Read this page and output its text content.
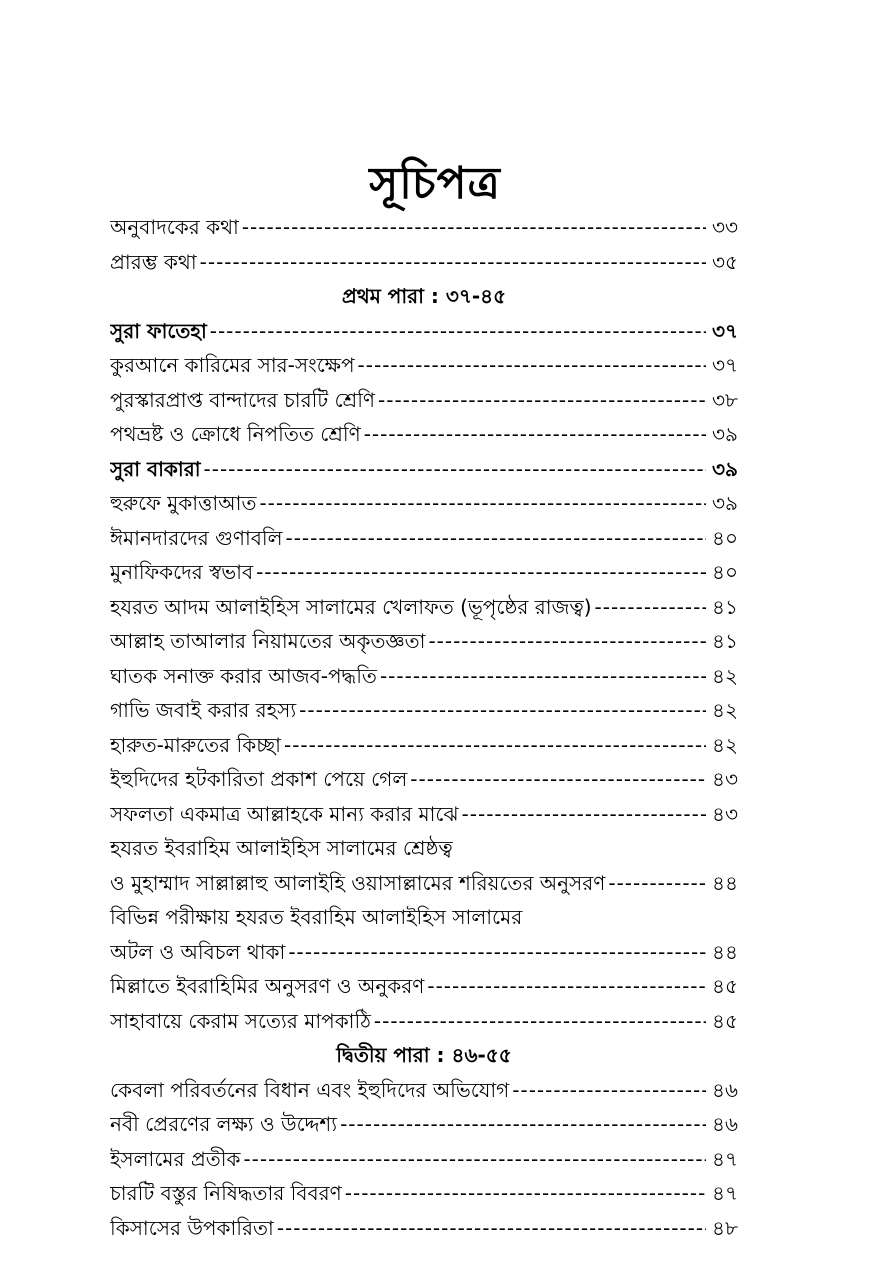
সূচিপত্র
অনুবাদকের কথা -----	৩৩
প্রারম্ভ কথা -----	৩৫
প্রথম পারা : ৩৭-৪৫
সুরা ফাতেহা -----	৩৭
কুরআনে কারিমের সার-সংক্ষেপ -----	৩৭
পুরস্কারপ্রাপ্ত বান্দাদের চারটি শ্রেণি -----	৩৮
পথভ্রষ্ট ও ক্রোধে নিপতিত শ্রেণি -----	৩৯
সুরা বাকারা -----	৩৯
হুরুফে মুকাত্তাআত -----	৩৯
ঈমানদারদের গুণাবলি -----	৪০
মুনাফিকদের স্বভাব -----	৪০
হযরত আদম আলাইহিস সালামের খেলাফত (ভূপৃষ্ঠের রাজত্ব) -----	৪১
আল্লাহ তাআলার নিয়ামতের অকৃতজ্ঞতা -----	৪১
ঘাতক সনাক্ত করার আজব-পদ্ধতি -----	৪২
গাভি জবাই করার রহস্য -----	৪২
হারুত-মারুতের কিচ্ছা -----	৪২
ইহুদিদের হটকারিতা প্রকাশ পেয়ে গেল -----	৪৩
সফলতা একমাত্র আল্লাহকে মান্য করার মাঝে -----	৪৩
হযরত ইবরাহিম আলাইহিস সালামের শ্রেষ্ঠত্ব
ও মুহাম্মাদ সাল্লাল্লাহু আলাইহি ওয়াসাল্লামের শরিয়তের অনুসরণ -----	৪৪
বিভিন্ন পরীক্ষায় হযরত ইবরাহিম আলাইহিস সালামের
অটল ও অবিচল থাকা -----	৪৪
মিল্লাতে ইবরাহিমির অনুসরণ ও অনুকরণ -----	৪৫
সাহাবায়ে কেরাম সত্যের মাপকাঠি -----	৪৫
দ্বিতীয় পারা : ৪৬-৫৫
কেবলা পরিবর্তনের বিধান এবং ইহুদিদের অভিযোগ -----	৪৬
নবী প্রেরণের লক্ষ্য ও উদ্দেশ্য -----	৪৬
ইসলামের প্রতীক -----	৪৭
চারটি বস্তুর নিষিদ্ধতার বিবরণ -----	৪৭
কিসাসের উপকারিতা -----	৪৮
